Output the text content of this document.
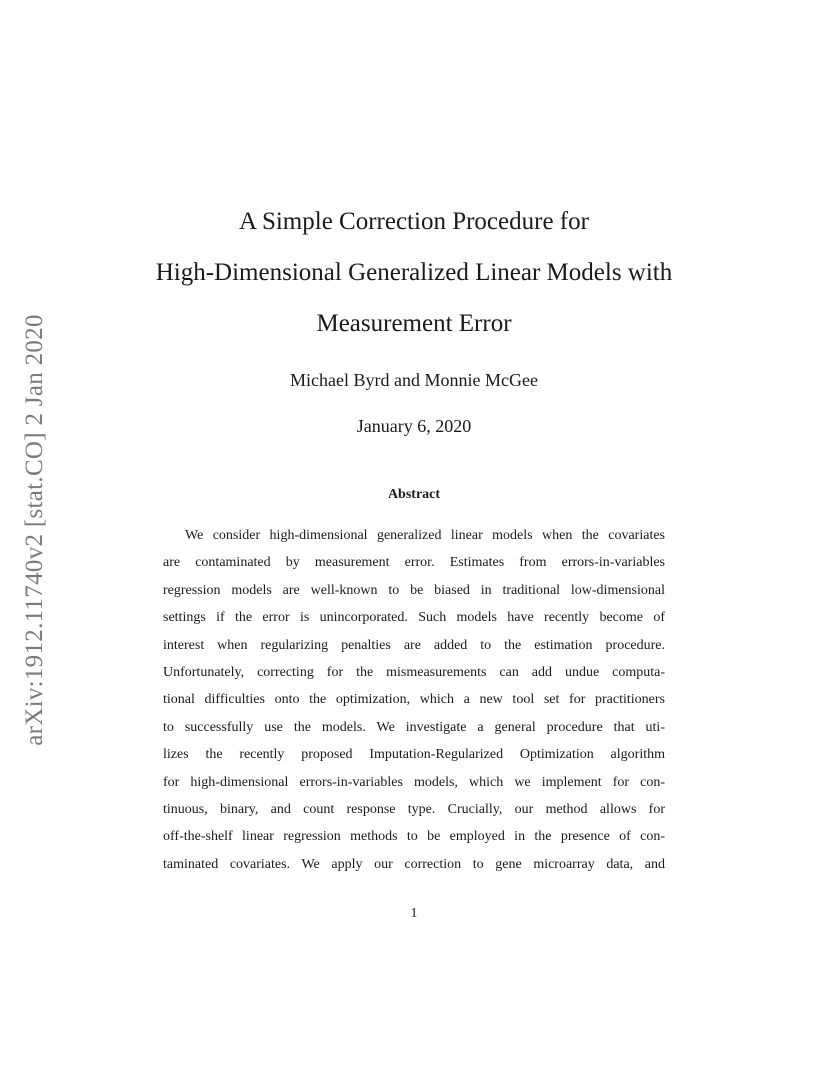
arXiv:1912.11740v2 [stat.CO] 2 Jan 2020
A Simple Correction Procedure for
High-Dimensional Generalized Linear Models with
Measurement Error
Michael Byrd and Monnie McGee
January 6, 2020
Abstract
We consider high-dimensional generalized linear models when the covariates
are contaminated by measurement error. Estimates from errors-in-variables
regression models are well-known to be biased in traditional low-dimensional
settings if the error is unincorporated. Such models have recently become of
interest when regularizing penalties are added to the estimation procedure.
Unfortunately, correcting for the mismeasurements can add undue computa-
tional difficulties onto the optimization, which a new tool set for practitioners
to successfully use the models. We investigate a general procedure that uti-
lizes the recently proposed Imputation-Regularized Optimization algorithm
for high-dimensional errors-in-variables models, which we implement for con-
tinuous, binary, and count response type. Crucially, our method allows for
off-the-shelf linear regression methods to be employed in the presence of con-
taminated covariates. We apply our correction to gene microarray data, and
1
